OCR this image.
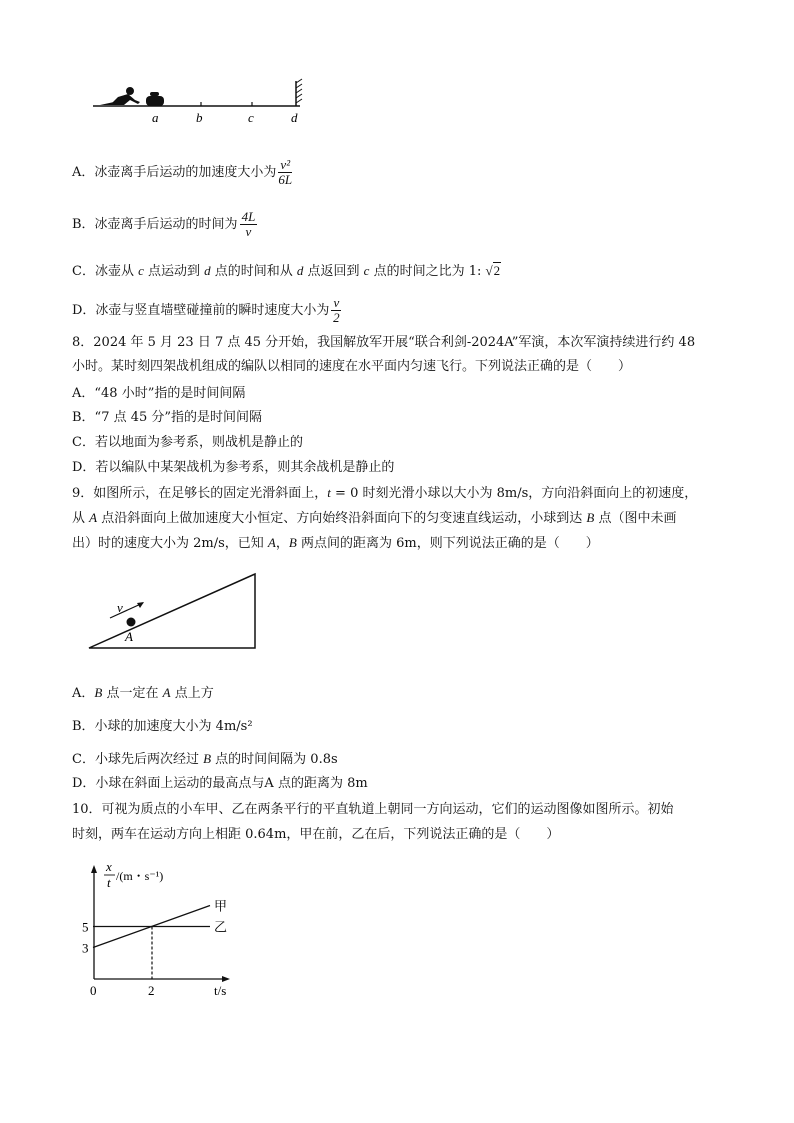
a	b	c	d
A．冰壶离手后运动的加速度大小为 $\frac{\text{v²}}{6L}$
B．冰壶离手后运动的时间为 $\frac{4L}{v}$
C．冰壶从 c 点运动到 d 点的时间和从 d 点返回到 c 点的时间之比为 1: √2
D．冰壶与竖直墙壁碰撞前的瞬时速度大小为 $\frac{v}{2}$
8．2024 年 5 月 23 日 7 点 45 分开始，我国解放军开展“联合利剑-2024A”军演，本次军演持续进行约 48
小时。某时刻四架战机组成的编队以相同的速度在水平面内匀速飞行。下列说法正确的是（　　）
A．“48 小时”指的是时间间隔
B．“7 点 45 分”指的是时间间隔
C．若以地面为参考系，则战机是静止的
D．若以编队中某架战机为参考系，则其余战机是静止的
9．如图所示，在足够长的固定光滑斜面上，t = 0 时刻光滑小球以大小为 8m/s，方向沿斜面向上的初速度，
从 A 点沿斜面向上做加速度大小恒定、方向始终沿斜面向下的匀变速直线运动，小球到达 B 点（图中未画
出）时的速度大小为 2m/s，已知 A，B 两点间的距离为 6m，则下列说法正确的是（　　）
v
A
A．B 点一定在 A 点上方
B．小球的加速度大小为 4m/s²
C．小球先后两次经过 B 点的时间间隔为 0.8s
D．小球在斜面上运动的最高点与A 点的距离为 8m
10．可视为质点的小车甲、乙在两条平行的平直轨道上朝同一方向运动，它们的运动图像如图所示。初始
时刻，两车在运动方向上相距 0.64m，甲在前，乙在后，下列说法正确的是（　　）
甲
乙
5
3
0	2
x
t /(m・s⁻¹)
t/s
